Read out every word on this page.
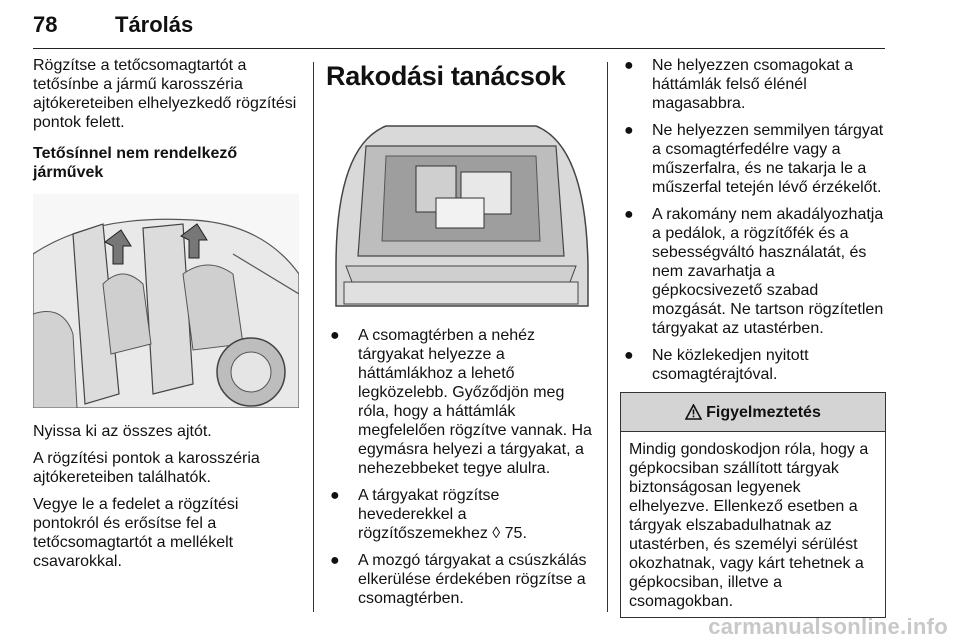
78	Tárolás

Rögzítse a tetőcsomagtartót a tetősínbe a jármű karosszéria ajtókereteiben elhelyezkedő rögzítési pontok felett.

Tetősínnel nem rendelkező járművek

Nyissa ki az összes ajtót.

A rögzítési pontok a karosszéria ajtókereteiben találhatók.

Vegye le a fedelet a rögzítési pontokról és erősítse fel a tetőcsomagtartót a mellékelt csavarokkal.

Rakodási tanácsok
● A csomagtérben a nehéz tárgyakat helyezze a háttámlákhoz a lehető legközelebb. Győződjön meg róla, hogy a háttámlák megfelelően rögzítve vannak. Ha egymásra helyezi a tárgyakat, a nehezebbeket tegye alulra.
● A tárgyakat rögzítse hevederekkel a rögzítőszemekhez ◊ 75.
● A mozgó tárgyakat a csúszkálás elkerülése érdekében rögzítse a csomagtérben.
● Ne helyezzen csomagokat a háttámlák felső élénél magasabbra.
● Ne helyezzen semmilyen tárgyat a csomagtérfedélre vagy a műszerfalra, és ne takarja le a műszerfal tetején lévő érzékelőt.
● A rakomány nem akadályozhatja a pedálok, a rögzítőfék és a sebességváltó használatát, és nem zavarhatja a gépkocsivezető szabad mozgását. Ne tartson rögzítetlen tárgyakat az utastérben.
● Ne közlekedjen nyitott csomagtérajtóval.
Figyelmeztetés
Mindig gondoskodjon róla, hogy a gépkocsiban szállított tárgyak biztonságosan legyenek elhelyezve. Ellenkező esetben a tárgyak elszabadulhatnak az utastérben, és személyi sérülést okozhatnak, vagy kárt tehetnek a gépkocsiban, illetve a csomagokban.
carmanualsonline.info
